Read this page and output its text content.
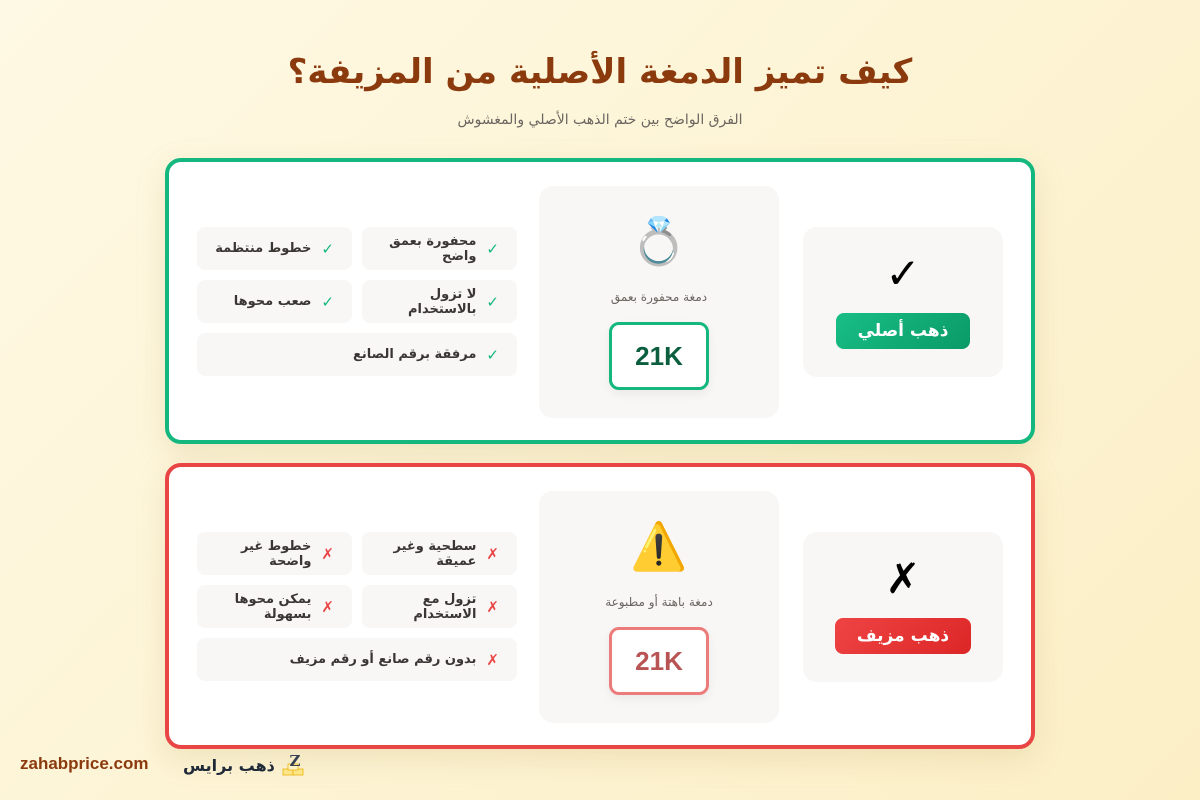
كيف تميز الدمغة الأصلية من المزيفة؟
الفرق الواضح بين ختم الذهب الأصلي والمغشوش
✓
ذهب أصلي
💍
دمغة محفورة بعمق
21K
✓
محفورة بعمق واضح
✓
خطوط منتظمة
✓
لا تزول بالاستخدام
✓
صعب محوها
✓
مرفقة برقم الصانع
✗
ذهب مزيف
⚠️
دمغة باهتة أو مطبوعة
21K
✗
سطحية وغير عميقة
✗
خطوط غير واضحة
✗
تزول مع الاستخدام
✗
يمكن محوها بسهولة
✗
بدون رقم صانع أو رقم مزيف
zahabprice.com	Z
ذهب برايس
